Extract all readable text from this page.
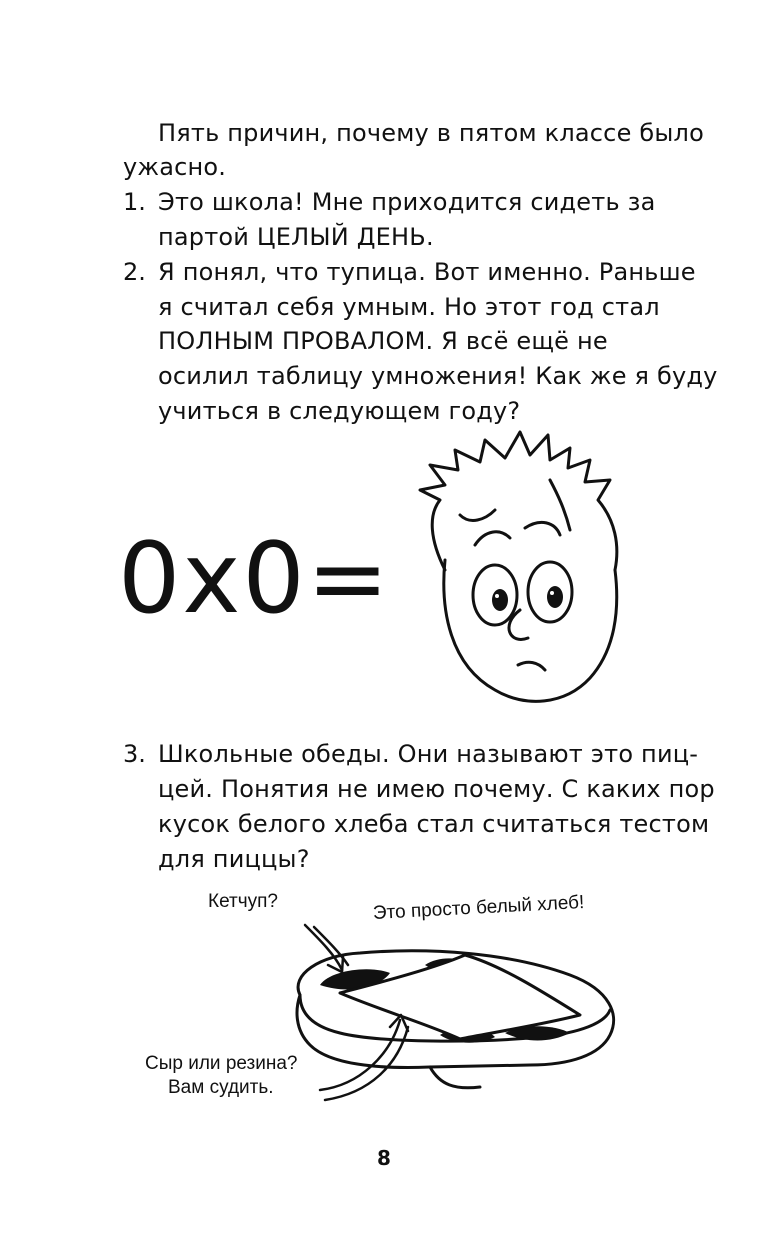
Пять причин, почему в пятом классе было
ужасно.
1. Это школа! Мне приходится сидеть за
партой ЦЕЛЫЙ ДЕНЬ.
2. Я понял, что тупица. Вот именно. Раньше
я считал себя умным. Но этот год стал
ПОЛНЫМ ПРОВАЛОМ. Я всё ещё не
осилил таблицу умножения! Как же я буду
учиться в следующем году?
0x0=
3. Школьные обеды. Они называют это пиц-
цей. Понятия не имею почему. С каких пор
кусок белого хлеба стал считаться тестом
для пиццы?
Кетчуп?	Это просто белый хлеб!
Сыр или резина?
Вам судить.
8
